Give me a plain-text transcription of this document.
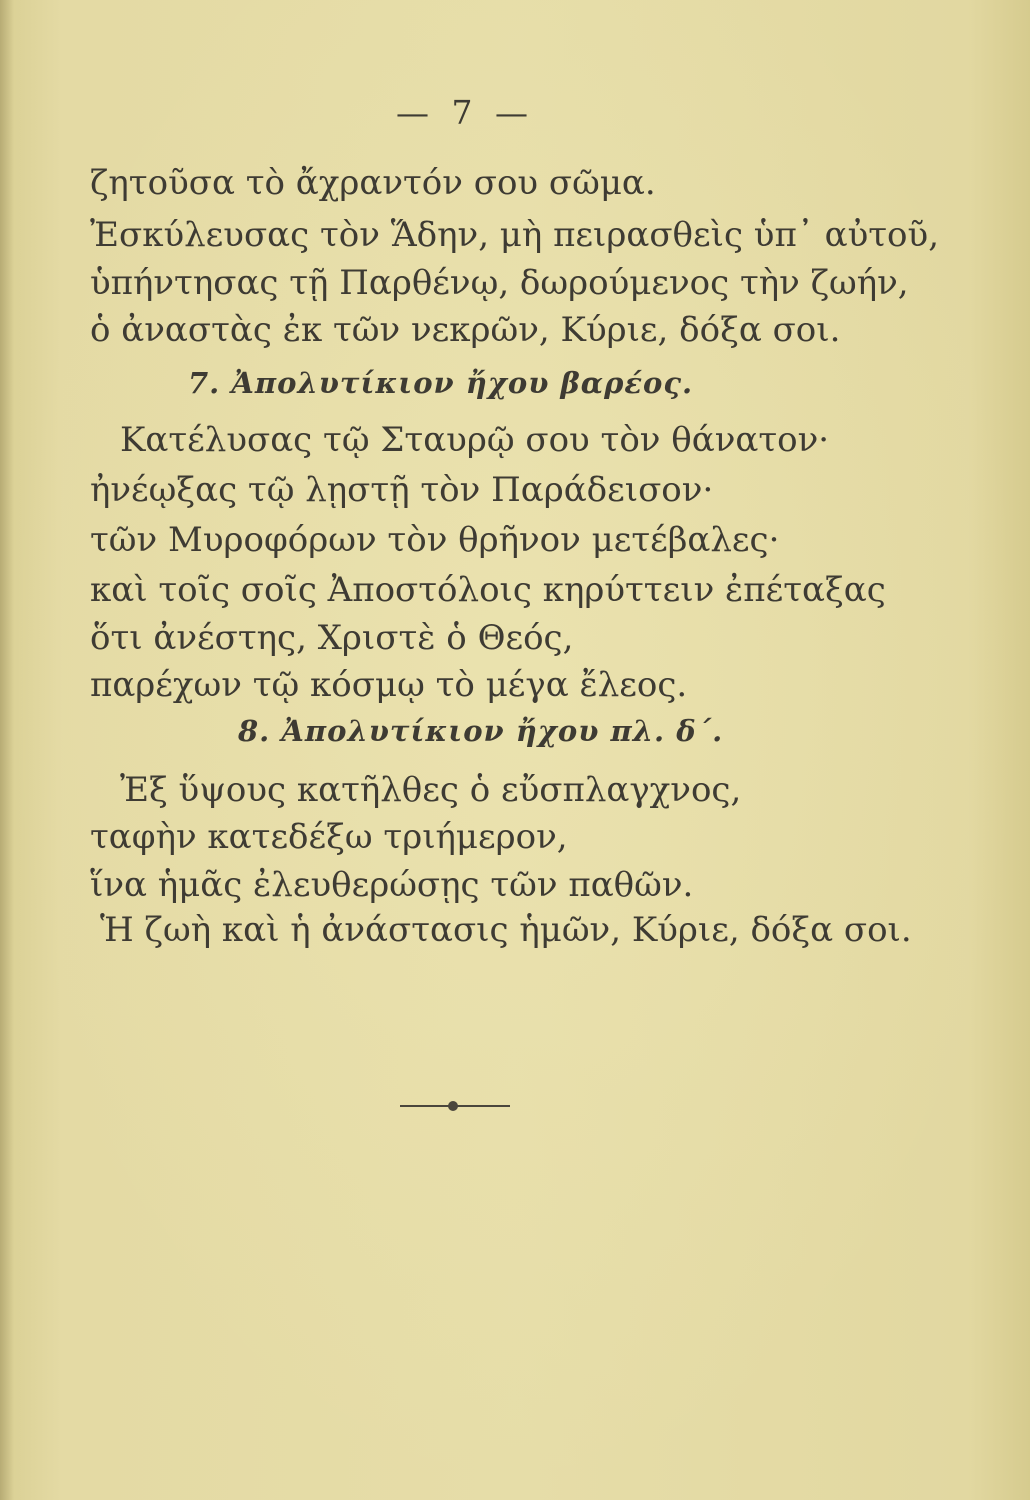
— 7 —
ζητοῦσα τὸ ἄχραντόν σου σῶμα.
Ἐσκύλευσας τὸν Ἅδην, μὴ πειρασθεὶς ὑπ᾿ αὐτοῦ,
ὑπήντησας τῇ Παρθένῳ, δωρούμενος τὴν ζωήν,
ὁ ἀναστὰς ἐκ τῶν νεκρῶν, Κύριε, δόξα σοι.
7. Ἀπολυτίκιον ἤχου βαρέος.
Κατέλυσας τῷ Σταυρῷ σου τὸν θάνατον·
ἠνέῳξας τῷ λῃστῇ τὸν Παράδεισον·
τῶν Μυροφόρων τὸν θρῆνον μετέβαλες·
καὶ τοῖς σοῖς Ἀποστόλοις κηρύττειν ἐπέταξας
ὅτι ἀνέστης, Χριστὲ ὁ Θεός,
παρέχων τῷ κόσμῳ τὸ μέγα ἔλεος.
8. Ἀπολυτίκιον ἤχου πλ. δ΄.
Ἐξ ὕψους κατῆλθες ὁ εὔσπλαγχνος,
ταφὴν κατεδέξω τριήμερον,
ἵνα ἡμᾶς ἐλευθερώσῃς τῶν παθῶν.
Ἡ ζωὴ καὶ ἡ ἀνάστασις ἡμῶν, Κύριε, δόξα σοι.
